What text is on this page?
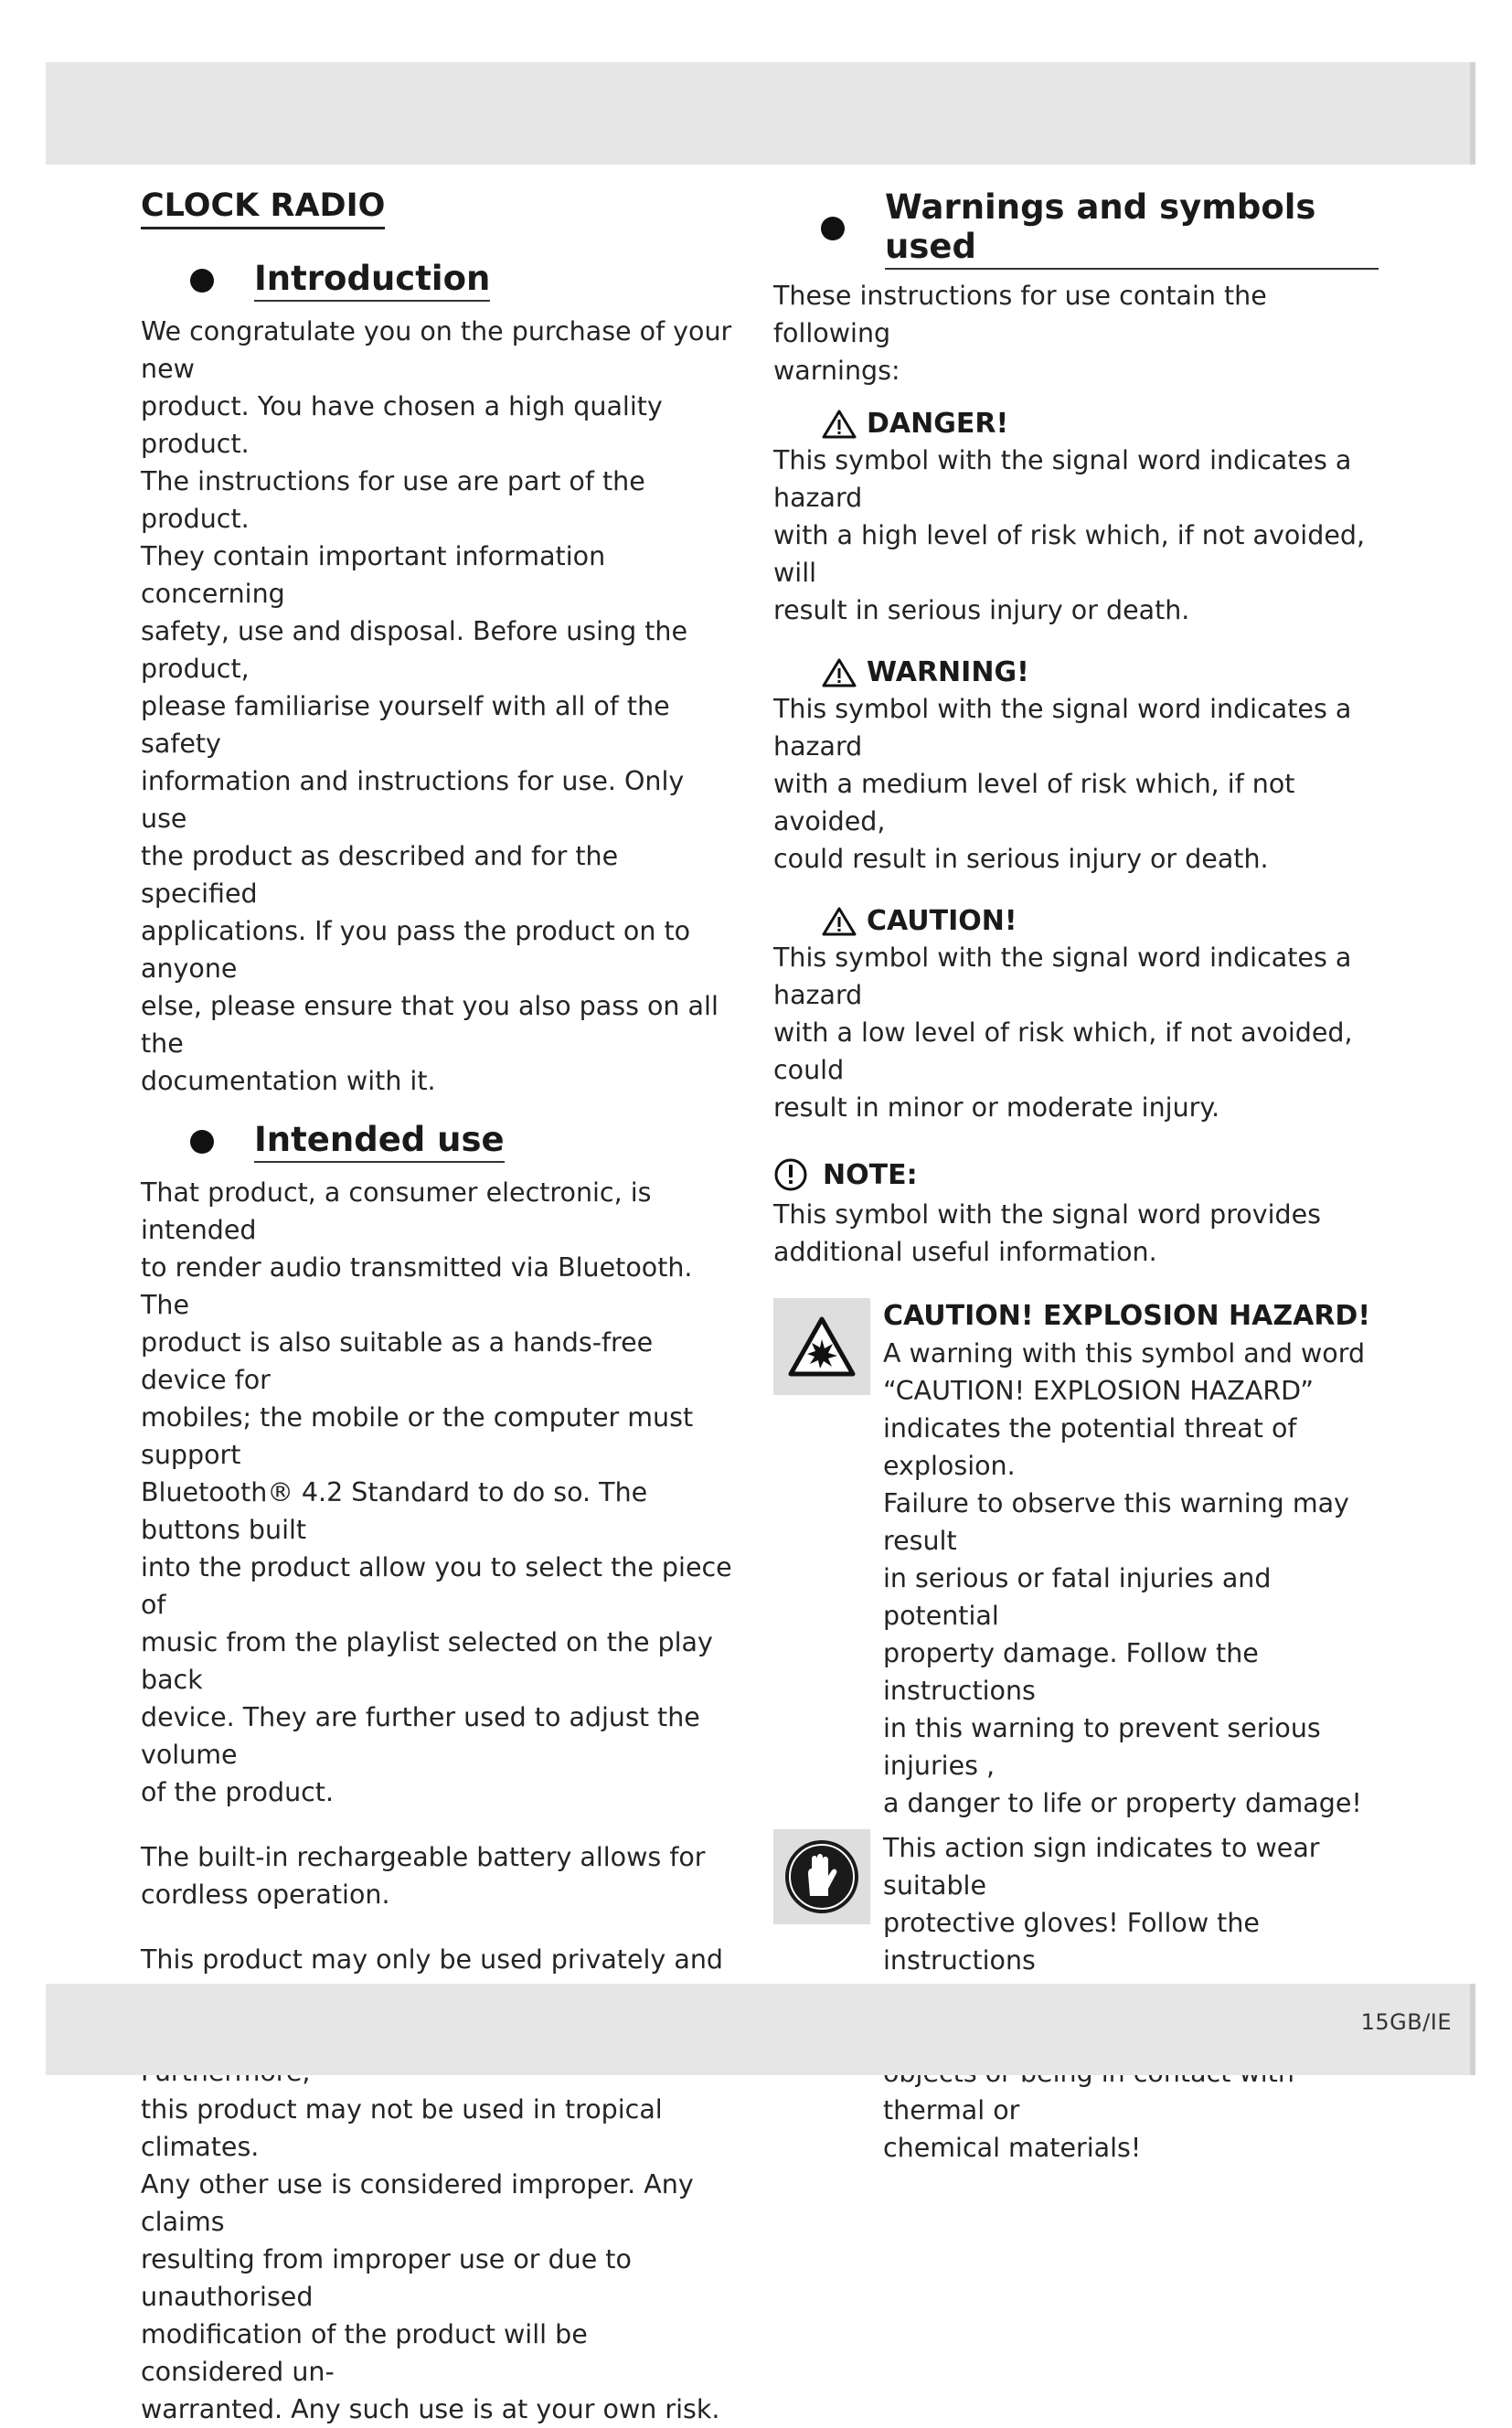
CLOCK RADIO
Introduction

We congratulate you on the purchase of your new
product. You have chosen a high quality product.
The instructions for use are part of the product.
They contain important information concerning
safety, use and disposal. Before using the product,
please familiarise yourself with all of the safety
information and instructions for use. Only use
the product as described and for the specified
applications. If you pass the product on to anyone
else, please ensure that you also pass on all the
documentation with it.

Intended use

That product, a consumer electronic, is intended
to render audio transmitted via Bluetooth. The
product is also suitable as a hands-free device for
mobiles; the mobile or the computer must support
Bluetooth® 4.2 Standard to do so. The buttons built
into the product allow you to select the piece of
music from the playlist selected on the play back
device. They are further used to adjust the volume
of the product.

The built-in rechargeable battery allows for
cordless operation.

This product may only be used privately and

this product may not be used in tropical climates.
Any other use is considered improper. Any claims
resulting from improper use or due to unauthorised
modification of the product will be considered un-
warranted. Any such use is at your own risk.

Warnings and symbols used

These instructions for use contain the following
warnings:

DANGER!

This symbol with the signal word indicates a hazard
with a high level of risk which, if not avoided, will
result in serious injury or death.

WARNING!

This symbol with the signal word indicates a hazard
with a medium level of risk which, if not avoided,
could result in serious injury or death.

CAUTION!

This symbol with the signal word indicates a hazard
with a low level of risk which, if not avoided, could
result in minor or moderate injury.

NOTE:

This symbol with the signal word provides
additional useful information.

CAUTION! EXPLOSION HAZARD!

A warning with this symbol and word
“CAUTION! EXPLOSION HAZARD”
indicates the potential threat of explosion.
Failure to observe this warning may result
in serious or fatal injuries and potential
property damage. Follow the instructions
in this warning to prevent serious injuries ,
a danger to life or property damage!

This action sign indicates to wear suitable
protective gloves! Follow the instructions

thermal or
chemical materials!

15GB/IE
